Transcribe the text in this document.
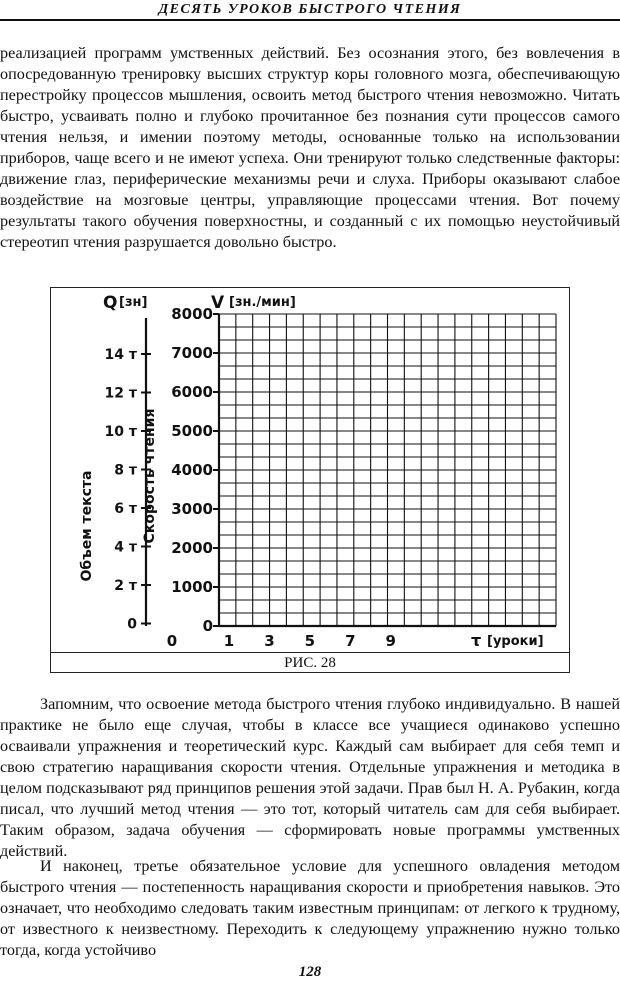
ДЕСЯТЬ УРОКОВ БЫСТРОГО ЧТЕНИЯ

реализацией программ умственных действий. Без осознания этого, без вовлечения в опосредованную тренировку высших структур коры головного мозга, обеспечивающую перестройку процессов мышления, освоить метод быстрого чтения невозможно. Читать быстро, усваивать полно и глубоко прочитанное без познания сути процессов самого чтения нельзя, и имении поэтому методы, основанные только на использовании приборов, чаще всего и не имеют успеха. Они тренируют только следственные факторы: движение глаз, периферические механизмы речи и слуха. Приборы оказывают слабое воздействие на мозговые центры, управляющие процессами чтения. Вот почему результаты такого обучения поверхностны, и созданный с их помощью неустойчивый стереотип чтения разрушается довольно быстро.

8000
7000
6000
5000
4000
3000
2000
1000
0
V [зн./мин]
Скорость чтения
14 т
12 т
10 т
8 т
6 т
4 т
2 т
0
Q [зн]
Объем текста
0	1 3 5 7 9	τ [уроки]
РИС. 28

Запомним, что освоение метода быстрого чтения глубоко индивидуально. В нашей практике не было еще случая, чтобы в классе все учащиеся одинаково успешно осваивали упражнения и теоретический курс. Каждый сам выбирает для себя темп и свою стратегию наращивания скорости чтения. Отдельные упражнения и методика в целом подсказывают ряд принципов решения этой задачи. Прав был Н. А. Рубакин, когда писал, что лучший метод чтения — это тот, который читатель сам для себя выбирает. Таким образом, задача обучения — сформировать новые программы умственных действий.

И наконец, третье обязательное условие для успешного овладения методом быстрого чтения — постепенность наращивания скорости и приобретения навыков. Это означает, что необходимо следовать таким известным принципам: от легкого к трудному, от известного к неизвестному. Переходить к следующему упражнению нужно только тогда, когда устойчиво

128
